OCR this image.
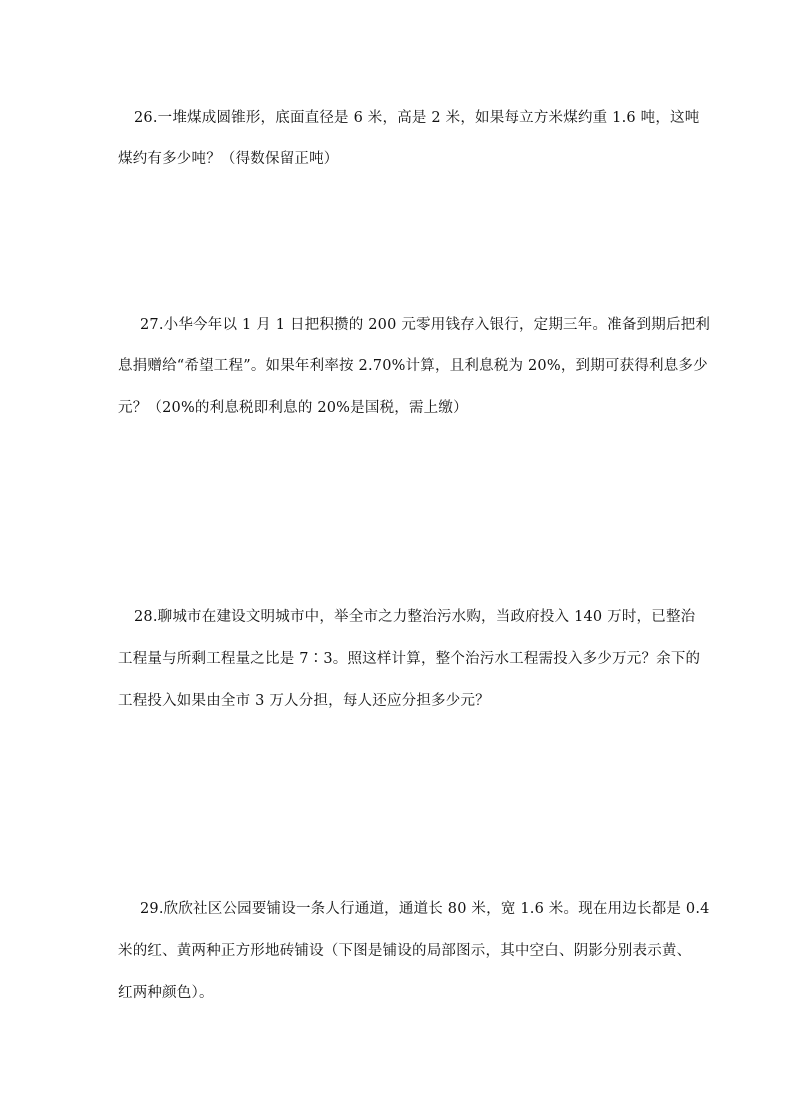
26.一堆煤成圆锥形，底面直径是 6 米，高是 2 米，如果每立方米煤约重 1.6 吨，这吨
煤约有多少吨？（得数保留正吨）
27.小华今年以 1 月 1 日把积攒的 200 元零用钱存入银行，定期三年。准备到期后把利
息捐赠给“希望工程”。如果年利率按 2.70%计算，且利息税为 20%，到期可获得利息多少
元？（20%的利息税即利息的 20%是国税，需上缴）
28.聊城市在建设文明城市中，举全市之力整治污水购，当政府投入 140 万时，已整治
工程量与所剩工程量之比是 7∶3。照这样计算，整个治污水工程需投入多少万元？余下的
工程投入如果由全市 3 万人分担，每人还应分担多少元？
29.欣欣社区公园要铺设一条人行通道，通道长 80 米，宽 1.6 米。现在用边长都是 0.4
米的红、黄两种正方形地砖铺设（下图是铺设的局部图示，其中空白、阴影分别表示黄、
红两种颜色）。
